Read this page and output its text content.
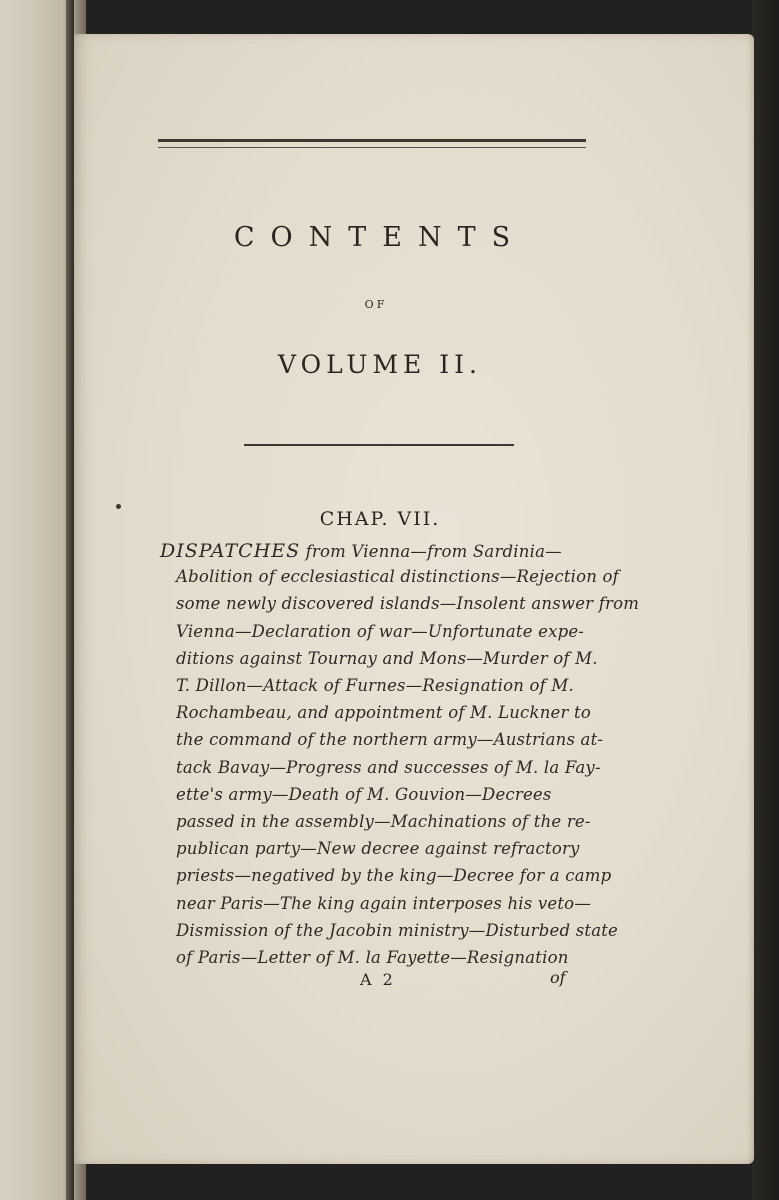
CONTENTS
OF
VOLUME II.
CHAP. VII.
DISPATCHES from Vienna—from Sardinia—
Abolition of ecclesiastical distinctions—Rejection of
some newly discovered islands—Insolent answer from
Vienna—Declaration of war—Unfortunate expe-
ditions against Tournay and Mons—Murder of M.
T. Dillon—Attack of Furnes—Resignation of M.
Rochambeau, and appointment of M. Luckner to
the command of the northern army—Austrians at-
tack Bavay—Progress and successes of M. la Fay-
ette's army—Death of M. Gouvion—Decrees
passed in the assembly—Machinations of the re-
publican party—New decree against refractory
priests—negatived by the king—Decree for a camp
near Paris—The king again interposes his veto—
Dismission of the Jacobin ministry—Disturbed state
of Paris—Letter of M. la Fayette—Resignation
A 2	of
